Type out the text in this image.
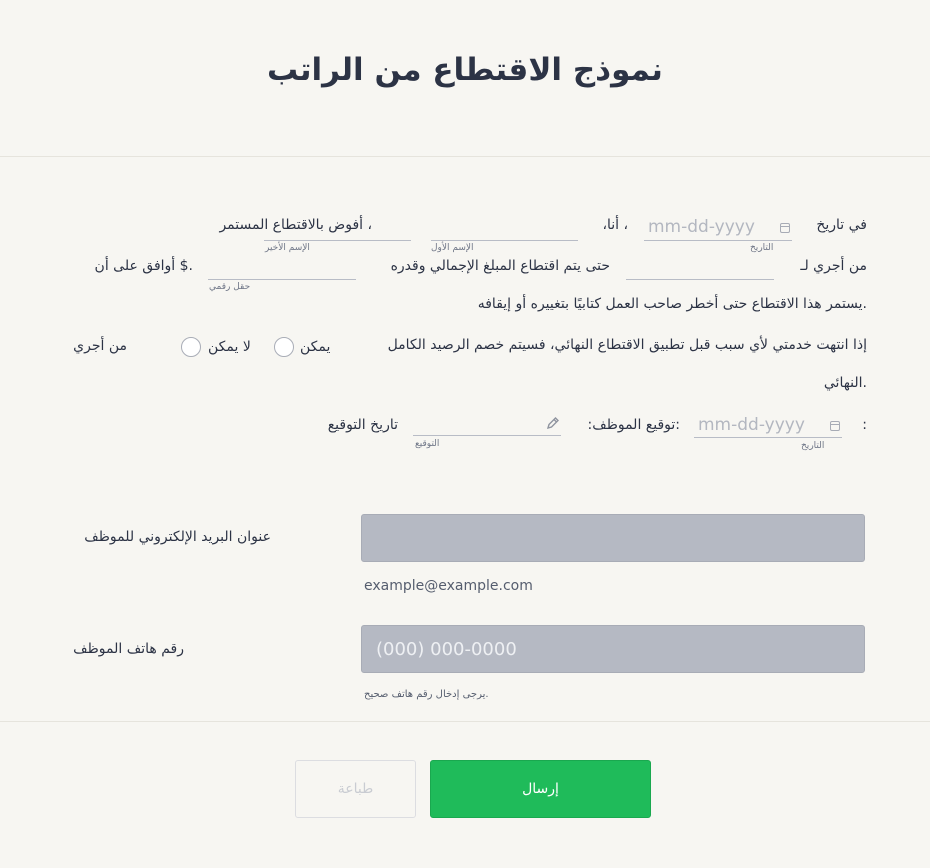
نموذج الاقتطاع من الراتب
في تاريخ
mm-dd-yyyy
التاريخ
، أنا،
الإسم الأول
الإسم الأخير
، أفوض بالاقتطاع المستمر
من أجري لـ
حتى يتم اقتطاع المبلغ الإجمالي وقدره
حقل رقمي
.$ أوافق على أن
.يستمر هذا الاقتطاع حتى أخطر صاحب العمل كتابيًا بتغييره أو إيقافه
إذا انتهت خدمتي لأي سبب قبل تطبيق الاقتطاع النهائي، فسيتم خصم الرصيد الكامل
يمكن
لا يمكن
من أجري
.النهائي
:
mm-dd-yyyy
التاريخ
:توقيع الموظف:
التوقيع
تاريخ التوقيع
عنوان البريد الإلكتروني للموظف
example@example.com
رقم هاتف الموظف
(000) 000-0000
.يرجى إدخال رقم هاتف صحيح
طباعة	إرسال
